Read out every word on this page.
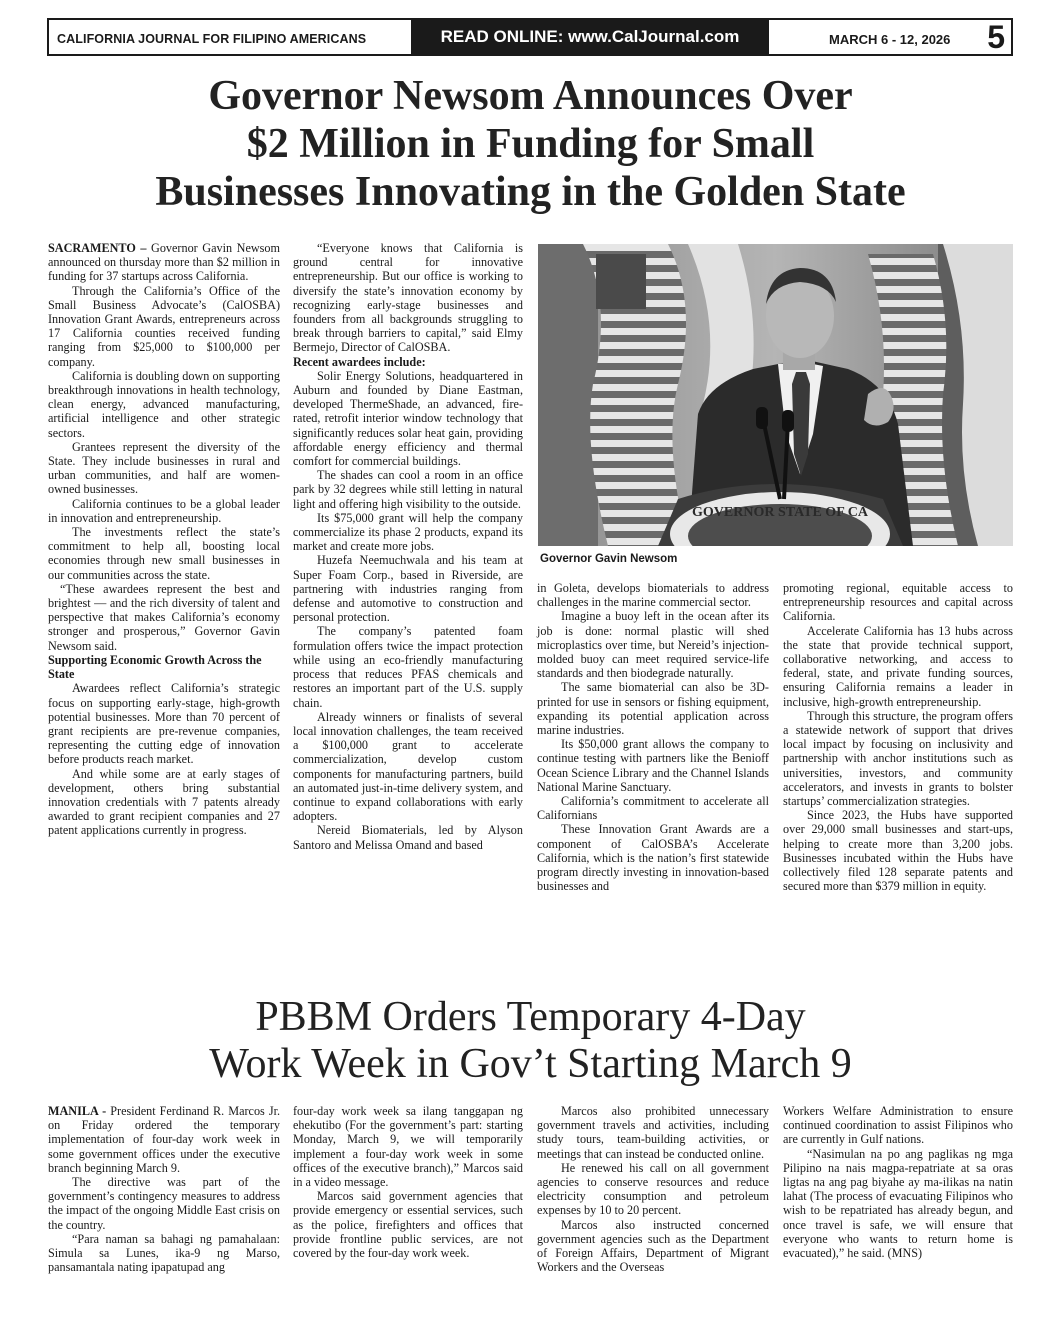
CALIFORNIA JOURNAL FOR FILIPINO AMERICANS	READ ONLINE: www.CalJournal.com	MARCH 6 - 12, 2026 5
Governor Newsom Announces Over
$2 Million in Funding for Small
Businesses Innovating in the Golden State

SACRAMENTO – Governor Gavin Newsom announced on thursday more than $2 million in funding for 37 startups across California.

Through the California’s Office of the Small Business Advocate’s (CalOSBA) Innovation Grant Awards, entrepreneurs across 17 California counties received funding ranging from $25,000 to $100,000 per company.

California is doubling down on supporting breakthrough innovations in health technology, clean energy, advanced manufacturing, artificial intelligence and other strategic sectors.

Grantees represent the diversity of the State. They include businesses in rural and urban communities, and half are women-owned businesses.

California continues to be a global leader in innovation and entrepreneurship.

The investments reflect the state’s commitment to help all, boosting local economies through new small businesses in our communities across the state.

“These awardees represent the best and brightest — and the rich diversity of talent and perspective that makes California’s economy stronger and prosperous,” Governor Gavin Newsom said.

Supporting Economic Growth Across the State

Awardees reflect California’s strategic focus on supporting early-stage, high-growth potential businesses. More than 70 percent of grant recipients are pre-revenue companies, representing the cutting edge of innovation before products reach market.

And while some are at early stages of development, others bring substantial innovation credentials with 7 patents already awarded to grant recipient companies and 27 patent applications currently in progress.

“Everyone knows that California is ground central for innovative entrepreneurship. But our office is working to diversify the state’s innovation economy by recognizing early-stage businesses and founders from all backgrounds struggling to break through barriers to capital,” said Elmy Bermejo, Director of CalOSBA.

Recent awardees include:

Solir Energy Solutions, headquartered in Auburn and founded by Diane Eastman, developed ThermeShade, an advanced, fire-rated, retrofit interior window technology that significantly reduces solar heat gain, providing affordable energy efficiency and thermal comfort for commercial buildings.

The shades can cool a room in an office park by 32 degrees while still letting in natural light and offering high visibility to the outside.

Its $75,000 grant will help the company commercialize its phase 2 products, expand its market and create more jobs.

Huzefa Neemuchwala and his team at Super Foam Corp., based in Riverside, are partnering with industries ranging from defense and automotive to construction and personal protection.

The company’s patented foam formulation offers twice the impact protection while using an eco-friendly manufacturing process that reduces PFAS chemicals and restores an important part of the U.S. supply chain.

Already winners or finalists of several local innovation challenges, the team received a $100,000 grant to accelerate commercialization, develop custom components for manufacturing partners, build an automated just-in-time delivery system, and continue to expand collaborations with early adopters.

Nereid Biomaterials, led by Alyson Santoro and Melissa Omand and based

GOVERNOR STATE OF CA
Governor Gavin Newsom

in Goleta, develops biomaterials to address challenges in the marine commercial sector.

Imagine a buoy left in the ocean after its job is done: normal plastic will shed microplastics over time, but Nereid’s injection-molded buoy can meet required service-life standards and then biodegrade naturally.

The same biomaterial can also be 3D-printed for use in sensors or fishing equipment, expanding its potential application across marine industries.

Its $50,000 grant allows the company to continue testing with partners like the Benioff Ocean Science Library and the Channel Islands National Marine Sanctuary.

California’s commitment to accelerate all Californians

These Innovation Grant Awards are a component of CalOSBA’s Accelerate California, which is the nation’s first statewide program directly investing in innovation-based businesses and

promoting regional, equitable access to entrepreneurship resources and capital across California.

Accelerate California has 13 hubs across the state that provide technical support, collaborative networking, and access to federal, state, and private funding sources, ensuring California remains a leader in inclusive, high-growth entrepreneurship.

Through this structure, the program offers a statewide network of support that drives local impact by focusing on inclusivity and partnership with anchor institutions such as universities, investors, and community accelerators, and invests in grants to bolster startups’ commercialization strategies.

Since 2023, the Hubs have supported over 29,000 small businesses and start-ups, helping to create more than 3,200 jobs. Businesses incubated within the Hubs have collectively filed 128 separate patents and secured more than $379 million in equity.

PBBM Orders Temporary 4-Day
Work Week in Gov’t Starting March 9

MANILA - President Ferdinand R. Marcos Jr. on Friday ordered the temporary implementation of four-day work week in some government offices under the executive branch beginning March 9.

The directive was part of the government’s contingency measures to address the impact of the ongoing Middle East crisis on the country.

“Para naman sa bahagi ng pamahalaan: Simula sa Lunes, ika-9 ng Marso, pansamantala nating ipapatupad ang

four-day work week sa ilang tanggapan ng ehekutibo (For the government’s part: starting Monday, March 9, we will temporarily implement a four-day work week in some offices of the executive branch),” Marcos said in a video message.

Marcos said government agencies that provide emergency or essential services, such as the police, firefighters and offices that provide frontline public services, are not covered by the four-day work week.

Marcos also prohibited unnecessary government travels and activities, including study tours, team-building activities, or meetings that can instead be conducted online.

He renewed his call on all government agencies to conserve resources and reduce electricity consumption and petroleum expenses by 10 to 20 percent.

Marcos also instructed concerned government agencies such as the Department of Foreign Affairs, Department of Migrant Workers and the Overseas

Workers Welfare Administration to ensure continued coordination to assist Filipinos who are currently in Gulf nations.

“Nasimulan na po ang paglikas ng mga Pilipino na nais magpa-repatriate at sa oras ligtas na ang pag biyahe ay ma-ilikas na natin lahat (The process of evacuating Filipinos who wish to be repatriated has already begun, and once travel is safe, we will ensure that everyone who wants to return home is evacuated),” he said. (MNS)
